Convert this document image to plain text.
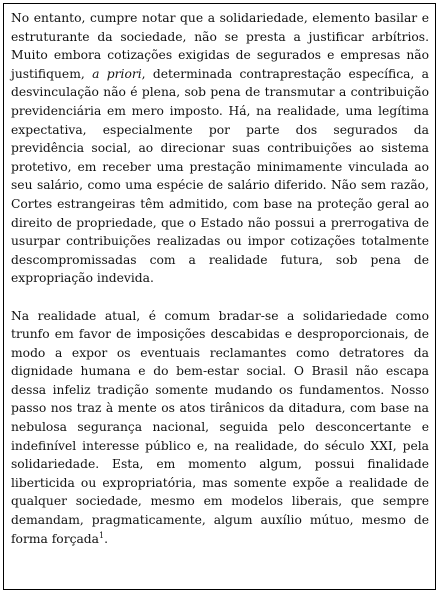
No entanto, cumpre notar que a solidariedade, elemento basilar e estruturante da sociedade, não se presta a justificar arbítrios. Muito embora cotizações exigidas de segurados e empresas não justifiquem, a priori, determinada contraprestação específica, a desvinculação não é plena, sob pena de transmutar a contribuição previdenciária em mero imposto. Há, na realidade, uma legítima expectativa, especialmente por parte dos segurados da previdência social, ao direcionar suas contribuições ao sistema protetivo, em receber uma prestação minimamente vinculada ao seu salário, como uma espécie de salário diferido. Não sem razão, Cortes estrangeiras têm admitido, com base na proteção geral ao direito de propriedade, que o Estado não possui a prerrogativa de usurpar contribuições realizadas ou impor cotizações totalmente descompromissadas com a realidade futura, sob pena de expropriação indevida.

Na realidade atual, é comum bradar-se a solidariedade como trunfo em favor de imposições descabidas e desproporcionais, de modo a expor os eventuais reclamantes como detratores da dignidade humana e do bem-estar social. O Brasil não escapa dessa infeliz tradição somente mudando os fundamentos. Nosso passo nos traz à mente os atos tirânicos da ditadura, com base na nebulosa segurança nacional, seguida pelo desconcertante e indefinível interesse público e, na realidade, do século XXI, pela solidariedade. Esta, em momento algum, possui finalidade liberticida ou expropriatória, mas somente expõe a realidade de qualquer sociedade, mesmo em modelos liberais, que sempre demandam, pragmaticamente, algum auxílio mútuo, mesmo de forma forçada$^1$.
